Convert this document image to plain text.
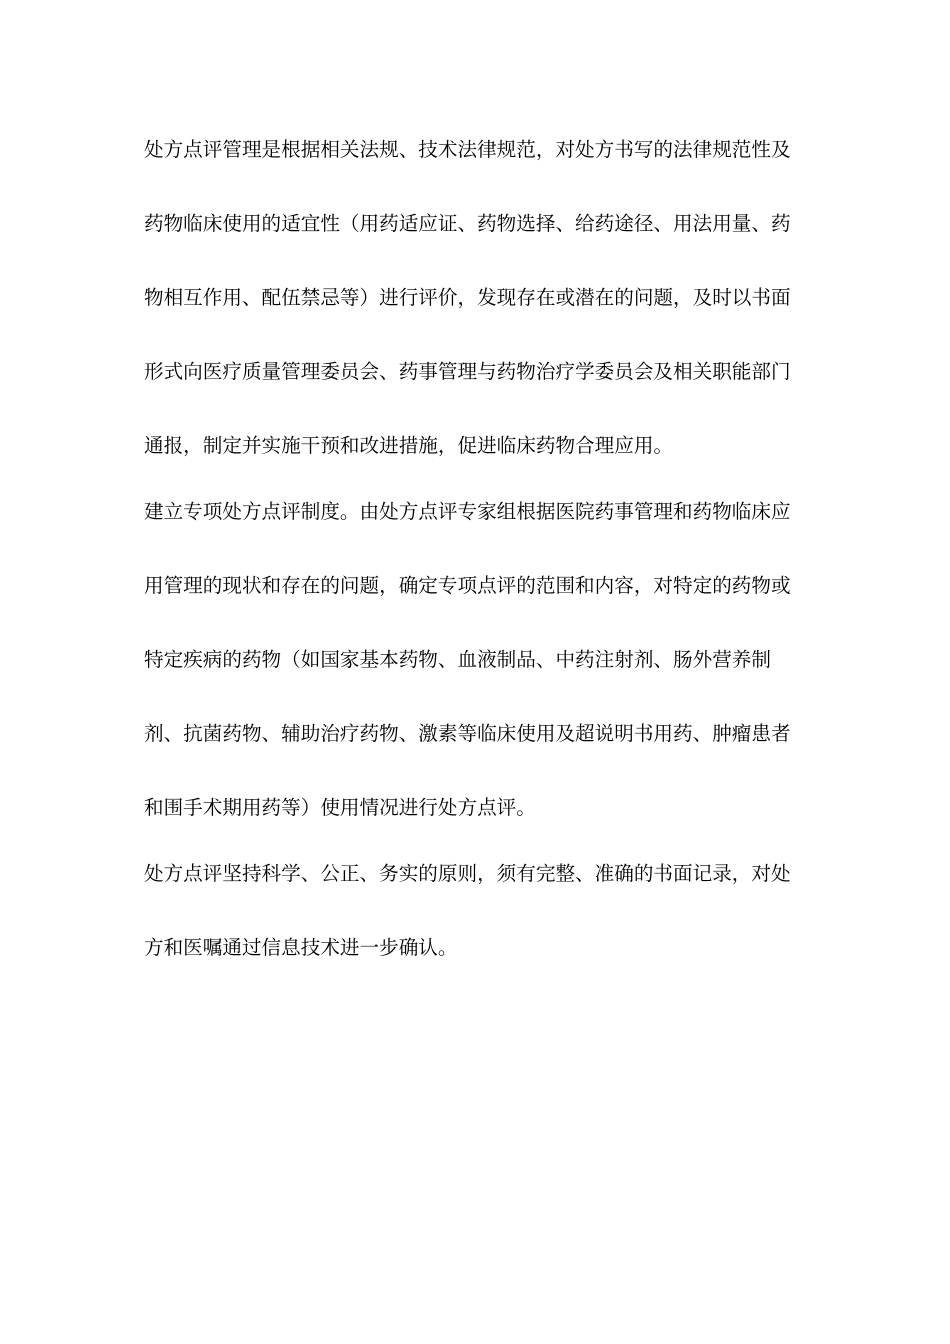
处方点评管理是根据相关法规、技术法律规范，对处方书写的法律规范性及药物临床使用的适宜性（用药适应证、药物选择、给药途径、用法用量、药物相互作用、配伍禁忌等）进行评价，发现存在或潜在的问题，及时以书面形式向医疗质量管理委员会、药事管理与药物治疗学委员会及相关职能部门通报，制定并实施干预和改进措施，促进临床药物合理应用。

建立专项处方点评制度。由处方点评专家组根据医院药事管理和药物临床应用管理的现状和存在的问题，确定专项点评的范围和内容，对特定的药物或特定疾病的药物（如国家基本药物、血液制品、中药注射剂、肠外营养制剂、抗菌药物、辅助治疗药物、激素等临床使用及超说明书用药、肿瘤患者和围手术期用药等）使用情况进行处方点评。

处方点评坚持科学、公正、务实的原则，须有完整、准确的书面记录，对处方和医嘱通过信息技术进一步确认。
